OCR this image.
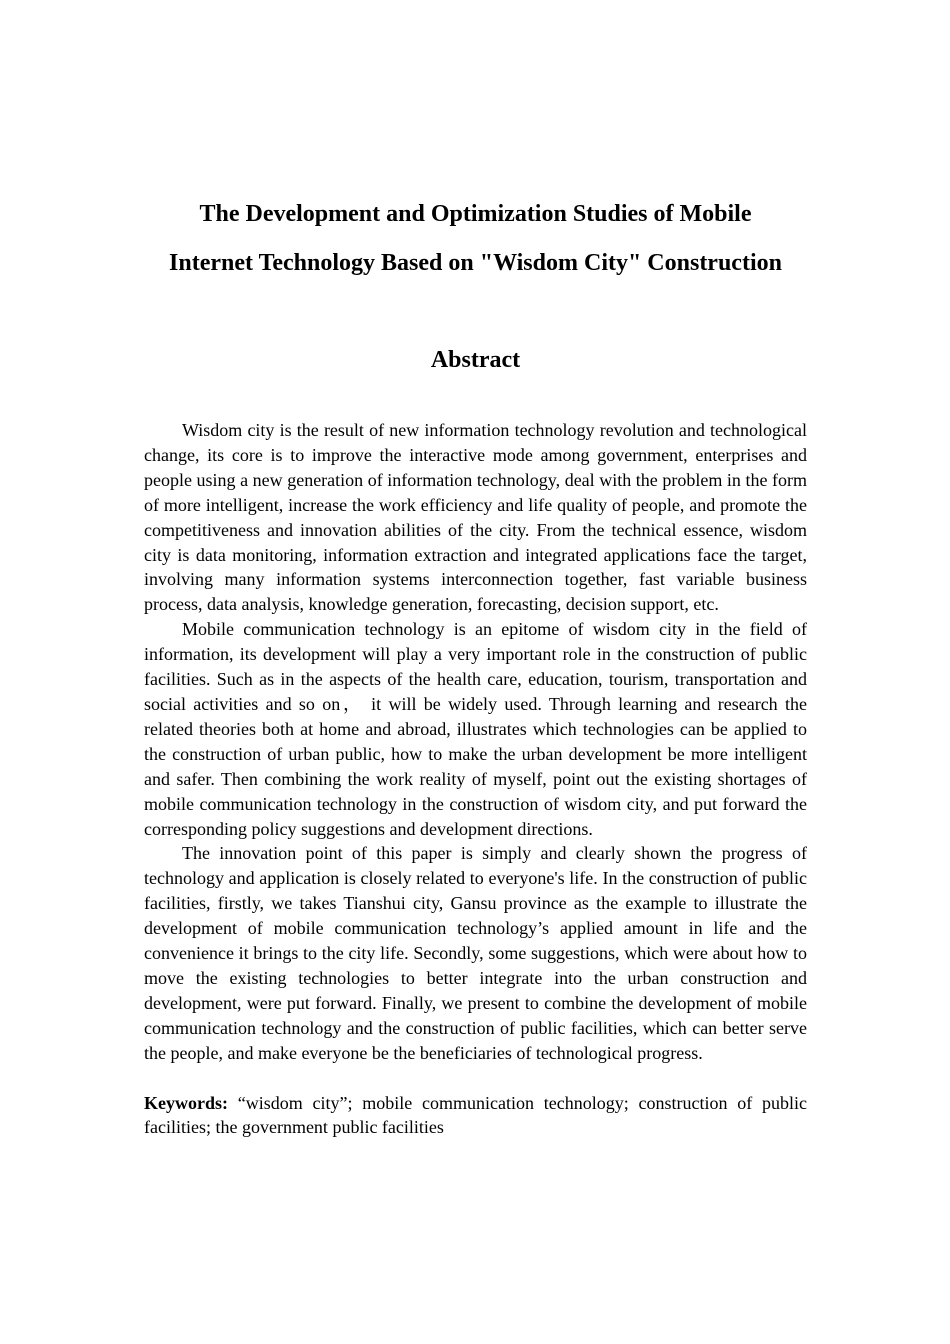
The Development and Optimization Studies of Mobile
Internet Technology Based on "Wisdom City" Construction
Abstract

Wisdom city is the result of new information technology revolution and technological change, its core is to improve the interactive mode among government, enterprises and people using a new generation of information technology, deal with the problem in the form of more intelligent, increase the work efficiency and life quality of people, and promote the competitiveness and innovation abilities of the city. From the technical essence, wisdom city is data monitoring, information extraction and integrated applications face the target, involving many information systems interconnection together, fast variable business process, data analysis, knowledge generation, forecasting, decision support, etc.

Mobile communication technology is an epitome of wisdom city in the field of information, its development will play a very important role in the construction of public facilities. Such as in the aspects of the health care, education, tourism, transportation and social activities and so on， it will be widely used. Through learning and research the related theories both at home and abroad, illustrates which technologies can be applied to the construction of urban public, how to make the urban development be more intelligent and safer. Then combining the work reality of myself, point out the existing shortages of mobile communication technology in the construction of wisdom city, and put forward the corresponding policy suggestions and development directions.

The innovation point of this paper is simply and clearly shown the progress of technology and application is closely related to everyone's life. In the construction of public facilities, firstly, we takes Tianshui city, Gansu province as the example to illustrate the development of mobile communication technology’s applied amount in life and the convenience it brings to the city life. Secondly, some suggestions, which were about how to move the existing technologies to better integrate into the urban construction and development, were put forward. Finally, we present to combine the development of mobile communication technology and the construction of public facilities, which can better serve the people, and make everyone be the beneficiaries of technological progress.

Keywords: “wisdom city”; mobile communication technology; construction of public facilities; the government public facilities
